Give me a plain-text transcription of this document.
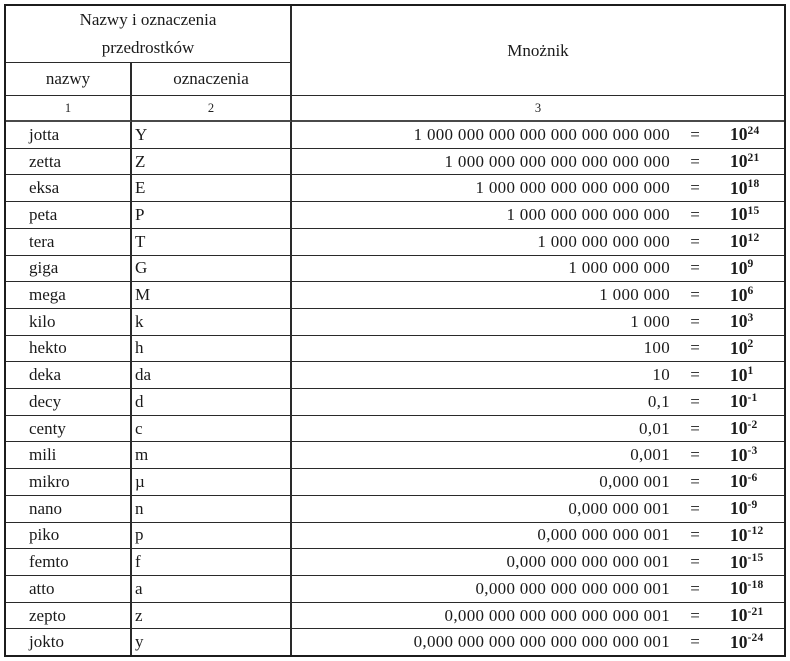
Nazwy i oznaczenia przedrostków	Mnożnik
nazwy	oznaczenia
1	2	3
jotta	Y	1 000 000 000 000 000 000 000 000	=	$10^{24}$
zetta	Z	1 000 000 000 000 000 000 000	=	$10^{21}$
eksa	E	1 000 000 000 000 000 000	=	$10^{18}$
peta	P	1 000 000 000 000 000	=	$10^{15}$
tera	T	1 000 000 000 000	=	$10^{12}$
giga	G	1 000 000 000	=	$10^9$
mega	M	1 000 000	=	$10^6$
kilo	k	1 000	=	$10^3$
hekto	h	100	=	$10^2$
deka	da	10	=	$10^1$
decy	d	0,1	=	$10^{-1}$
centy	c	0,01	=	$10^{-2}$
mili	m	0,001	=	$10^{-3}$
mikro	µ	0,000 001	=	$10^{-6}$
nano	n	0,000 000 001	=	$10^{-9}$
piko	p	0,000 000 000 001	=	$10^{-12}$
femto	f	0,000 000 000 000 001	=	$10^{-15}$
atto	a	0,000 000 000 000 000 001	=	$10^{-18}$
zepto	z	0,000 000 000 000 000 000 001	=	$10^{-21}$
jokto	y	0,000 000 000 000 000 000 000 001	=	$10^{-24}$
